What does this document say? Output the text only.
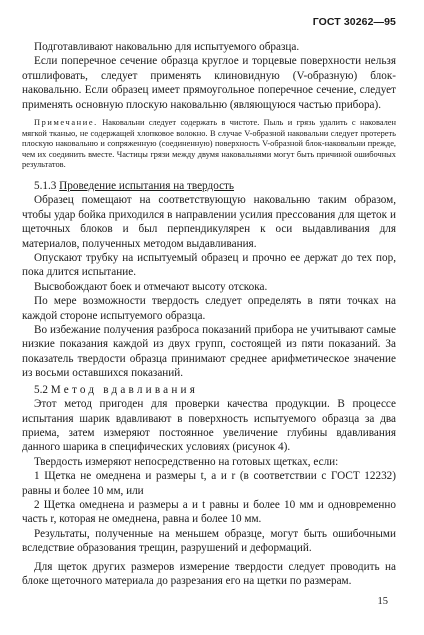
ГОСТ 30262—95

Подготавливают наковальню для испытуемого образца.

Если поперечное сечение образца круглое и торцевые поверхности нельзя отшлифовать, следует применять клиновидную (V-образную) блок-наковальню. Если образец имеет прямоугольное поперечное сечение, следует применять основную плоскую наковальню (являющуюся частью прибора).

Примечание. Наковальни следует содержать в чистоте. Пыль и грязь удалить с наковален мягкой тканью, не содержащей хлопковое волокно. В случае V-образной наковальни следует протереть плоскую наковальню и сопряженную (соединенную) поверхность V-образной блок-наковальни прежде, чем их соединить вместе. Частицы грязи между двумя наковальнями могут быть причиной ошибочных результатов.

5.1.3 Проведение испытания на твердость

Образец помещают на соответствующую наковальню таким образом, чтобы удар бойка приходился в направлении усилия прессования для щеток и щеточных блоков и был перпендикулярен к оси выдавливания для материалов, полученных методом выдавливания.

Опускают трубку на испытуемый образец и прочно ее держат до тех пор, пока длится испытание.

Высвобождают боек и отмечают высоту отскока.

По мере возможности твердость следует определять в пяти точках на каждой стороне испытуемого образца.

Во избежание получения разброса показаний прибора не учитывают самые низкие показания каждой из двух групп, состоящей из пяти показаний. За показатель твердости образца принимают среднее арифметическое значение из восьми оставшихся показаний.

5.2 Метод вдавливания

Этот метод пригоден для проверки качества продукции. В процессе испытания шарик вдавливают в поверхность испытуемого образца за два приема, затем измеряют постоянное увеличение глубины вдавливания данного шарика в специфических условиях (рисунок 4).

Твердость измеряют непосредственно на готовых щетках, если:

1 Щетка не омеднена и размеры t, a и r (в соответствии с ГОСТ 12232) равны и более 10 мм, или

2 Щетка омеднена и размеры a и t равны и более 10 мм и одновременно часть r, которая не омеднена, равна и более 10 мм.

Результаты, полученные на меньшем образце, могут быть ошибочными вследствие образования трещин, разрушений и деформаций.

Для щеток других размеров измерение твердости следует проводить на блоке щеточного материала до разрезания его на щетки по размерам.

15
